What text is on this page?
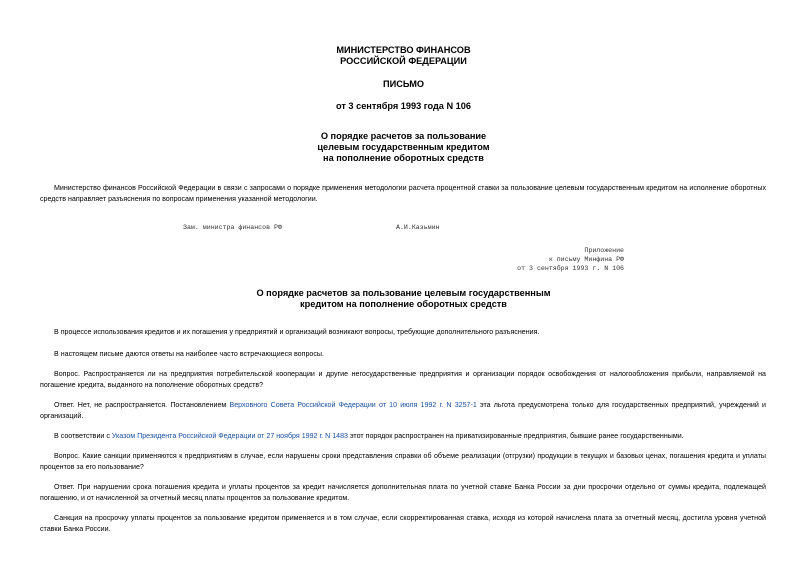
МИНИСТЕРСТВО ФИНАНСОВ
РОССИЙСКОЙ ФЕДЕРАЦИИ
ПИСЬМО
от 3 сентября 1993 года N 106
О порядке расчетов за пользование
целевым государственным кредитом
на пополнение оборотных средств
Министерство финансов Российской Федерации в связи с запросами о порядке применения методологии расчета процентной ставки за пользование целевым государственным кредитом на исполнение оборотных средств направляет разъяснения по вопросам применения указанной методологии.
Зам. министра финансов РФ	А.И.Казьмин
Приложение
к письму Минфина РФ
от 3 сентября 1993 г. N 106
О порядке расчетов за пользование целевым государственным
кредитом на пополнение оборотных средств
В процессе использования кредитов и их погашения у предприятий и организаций возникают вопросы, требующие дополнительного разъяснения.
В настоящем письме даются ответы на наиболее часто встречающиеся вопросы.
Вопрос. Распространяется ли на предприятия потребительской кооперации и другие негосударственные предприятия и организации порядок освобождения от налогообложения прибыли, направляемой на погашение кредита, выданного на пополнение оборотных средств?
Ответ. Нет, не распространяется. Постановлением Верховного Совета Российской Федерации от 10 июля 1992 г. N 3257-1 эта льгота предусмотрена только для государственных предприятий, учреждений и организаций.
В соответствии с Указом Президента Российской Федерации от 27 ноября 1992 г. N 1483 этот порядок распространен на приватизированные предприятия, бывшие ранее государственными.
Вопрос. Какие санкции применяются к предприятиям в случае, если нарушены сроки представления справки об объеме реализации (отгрузки) продукции в текущих и базовых ценах, погашения кредита и уплаты процентов за его пользование?
Ответ. При нарушении срока погашения кредита и уплаты процентов за кредит начисляется дополнительная плата по учетной ставке Банка России за дни просрочки отдельно от суммы кредита, подлежащей погашению, и от начисленной за отчетный месяц платы процентов за пользование кредитом.
Санкция на просрочку уплаты процентов за пользование кредитом применяется и в том случае, если скорректированная ставка, исходя из которой начислена плата за отчетный месяц, достигла уровня учетной ставки Банка России.
